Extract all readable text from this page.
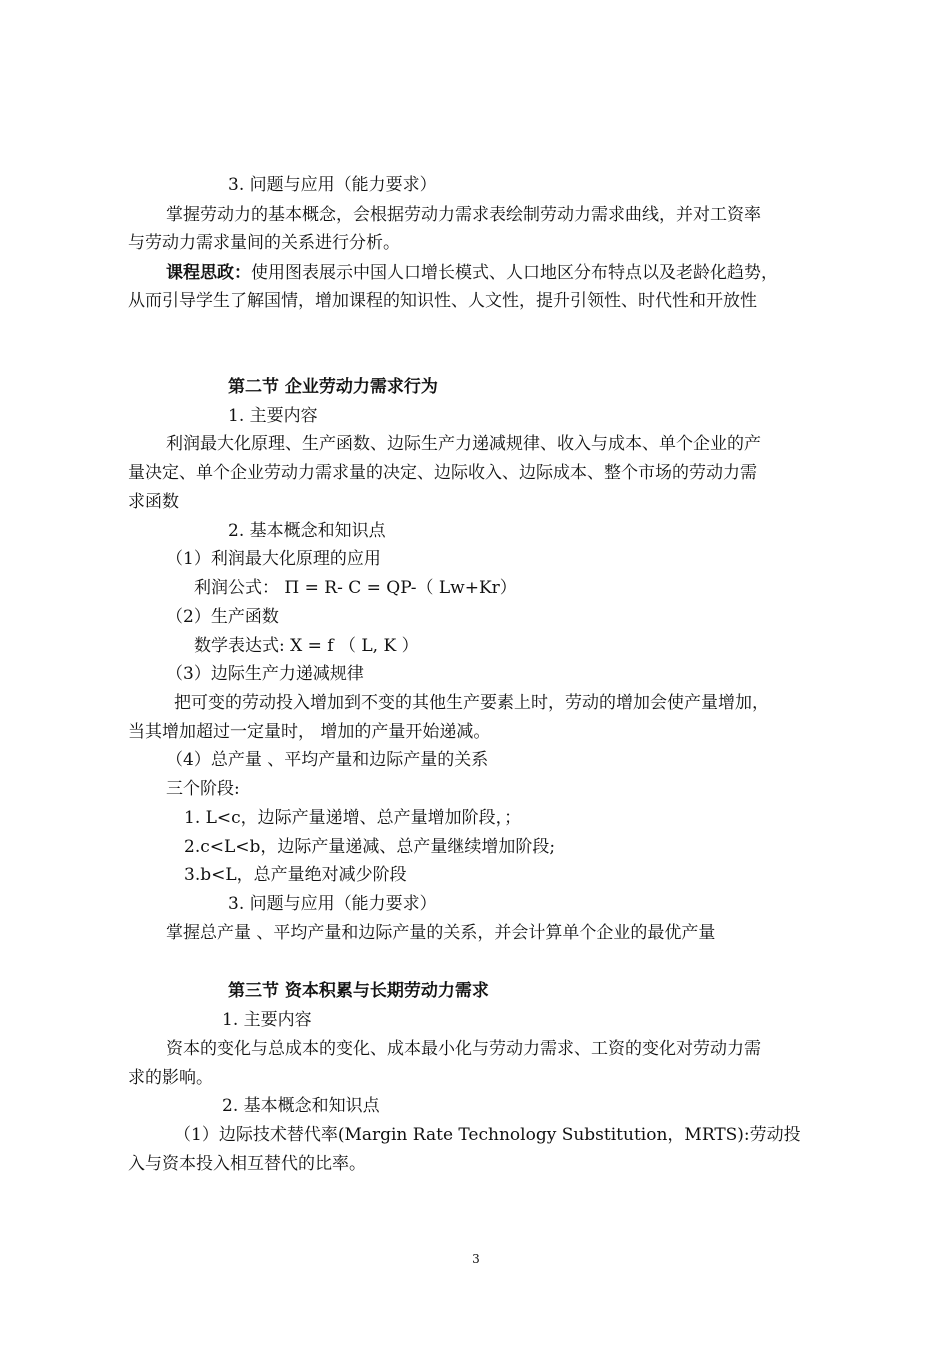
3. 问题与应用（能力要求）
掌握劳动力的基本概念，会根据劳动力需求表绘制劳动力需求曲线，并对工资率
与劳动力需求量间的关系进行分析。
课程思政：使用图表展示中国人口增长模式、人口地区分布特点以及老龄化趋势，
从而引导学生了解国情，增加课程的知识性、人文性，提升引领性、时代性和开放性
第二节 企业劳动力需求行为
1. 主要内容
利润最大化原理、生产函数、边际生产力递减规律、收入与成本、单个企业的产
量决定、单个企业劳动力需求量的决定、边际收入、边际成本、整个市场的劳动力需
求函数
2. 基本概念和知识点
（1）利润最大化原理的应用
利润公式： Π = R- C = QP-（ Lw+Kr）
（2）生产函数
数学表达式: X = f （ L, K ）
（3）边际生产力递减规律
把可变的劳动投入增加到不变的其他生产要素上时，劳动的增加会使产量增加，
当其增加超过一定量时， 增加的产量开始递减。
（4）总产量 、平均产量和边际产量的关系
三个阶段:
1. L<c，边际产量递增、总产量增加阶段，；
2.c<L<b，边际产量递减、总产量继续增加阶段;
3.b<L，总产量绝对减少阶段
3. 问题与应用（能力要求）
掌握总产量 、平均产量和边际产量的关系，并会计算单个企业的最优产量
第三节 资本积累与长期劳动力需求
1. 主要内容
资本的变化与总成本的变化、成本最小化与劳动力需求、工资的变化对劳动力需
求的影响。
2. 基本概念和知识点
（1）边际技术替代率(Margin Rate Technology Substitution，MRTS):劳动投
入与资本投入相互替代的比率。
3
